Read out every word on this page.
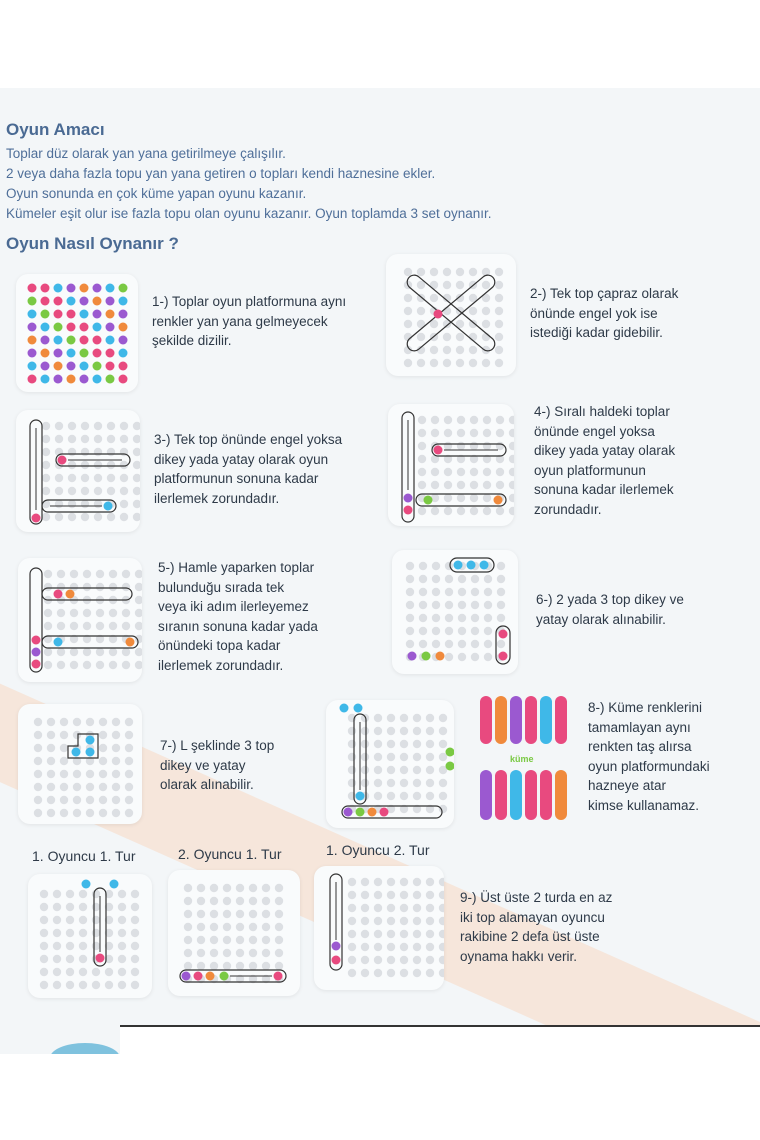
Oyun Amacı
Toplar düz olarak yan yana getirilmeye çalışılır.
2 veya daha fazla topu yan yana getiren o topları kendi haznesine ekler.
Oyun sonunda en çok küme yapan oyunu kazanır.
Kümeler eşit olur ise fazla topu olan oyunu kazanır. Oyun toplamda 3 set oynanır.
Oyun Nasıl Oynanır ?
küme
1-) Toplar oyun platformuna aynı
renkler yan yana gelmeyecek
şekilde dizilir.
2-) Tek top çapraz olarak
önünde engel yok ise
istediği kadar gidebilir.
3-) Tek top önünde engel yoksa
dikey yada yatay olarak oyun
platformunun sonuna kadar
ilerlemek zorundadır.
4-) Sıralı haldeki toplar
önünde engel yoksa
dikey yada yatay olarak
oyun platformunun
sonuna kadar ilerlemek
zorundadır.
5-) Hamle yaparken toplar
bulunduğu sırada tek
veya iki adım ilerleyemez
sıranın sonuna kadar yada
önündeki topa kadar
ilerlemek zorundadır.
6-) 2 yada 3 top dikey ve
yatay olarak alınabilir.
7-) L şeklinde 3 top
dikey ve yatay
olarak alınabilir.
8-) Küme renklerini
tamamlayan aynı
renkten taş alırsa
oyun platformundaki
hazneye atar
kimse kullanamaz.
9-) Üst üste 2 turda en az
iki top alamayan oyuncu
rakibine 2 defa üst üste
oynama hakkı verir.
1. Oyuncu 1. Tur	2. Oyuncu 1. Tur	1. Oyuncu 2. Tur
